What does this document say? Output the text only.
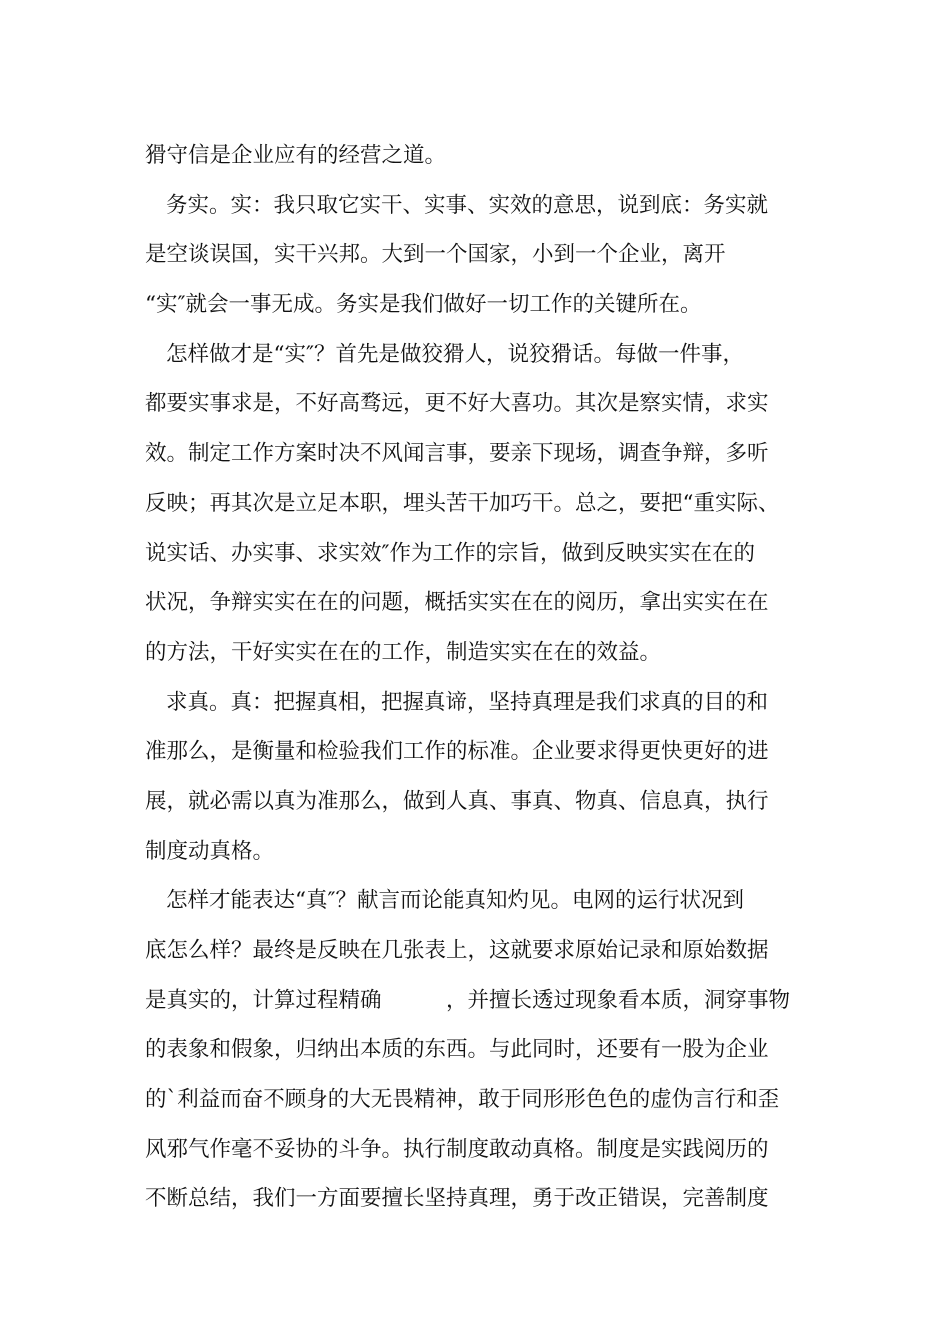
猾守信是企业应有的经营之道。
务实。实：我只取它实干、实事、实效的意思，说到底：务实就
是空谈误国，实干兴邦。大到一个国家，小到一个企业，离开
“实″就会一事无成。务实是我们做好一切工作的关键所在。
怎样做才是“实″？首先是做狡猾人，说狡猾话。每做一件事，
都要实事求是，不好高骛远，更不好大喜功。其次是察实情，求实
效。制定工作方案时决不风闻言事，要亲下现场，调查争辩，多听
反映；再其次是立足本职，埋头苦干加巧干。总之，要把“重实际、
说实话、办实事、求实效″作为工作的宗旨，做到反映实实在在的
状况，争辩实实在在的问题，概括实实在在的阅历，拿出实实在在
的方法，干好实实在在的工作，制造实实在在的效益。
求真。真：把握真相，把握真谛，坚持真理是我们求真的目的和
准那么，是衡量和检验我们工作的标准。企业要求得更快更好的进
展，就必需以真为准那么，做到人真、事真、物真、信息真，执行
制度动真格。
怎样才能表达“真″？献言而论能真知灼见。电网的运行状况到
底怎么样？最终是反映在几张表上，这就要求原始记录和原始数据
是真实的，计算过程精确　　　，并擅长透过现象看本质，洞穿事物
的表象和假象，归纳出本质的东西。与此同时，还要有一股为企业
的`利益而奋不顾身的大无畏精神，敢于同形形色色的虚伪言行和歪
风邪气作毫不妥协的斗争。执行制度敢动真格。制度是实践阅历的
不断总结，我们一方面要擅长坚持真理，勇于改正错误，完善制度
